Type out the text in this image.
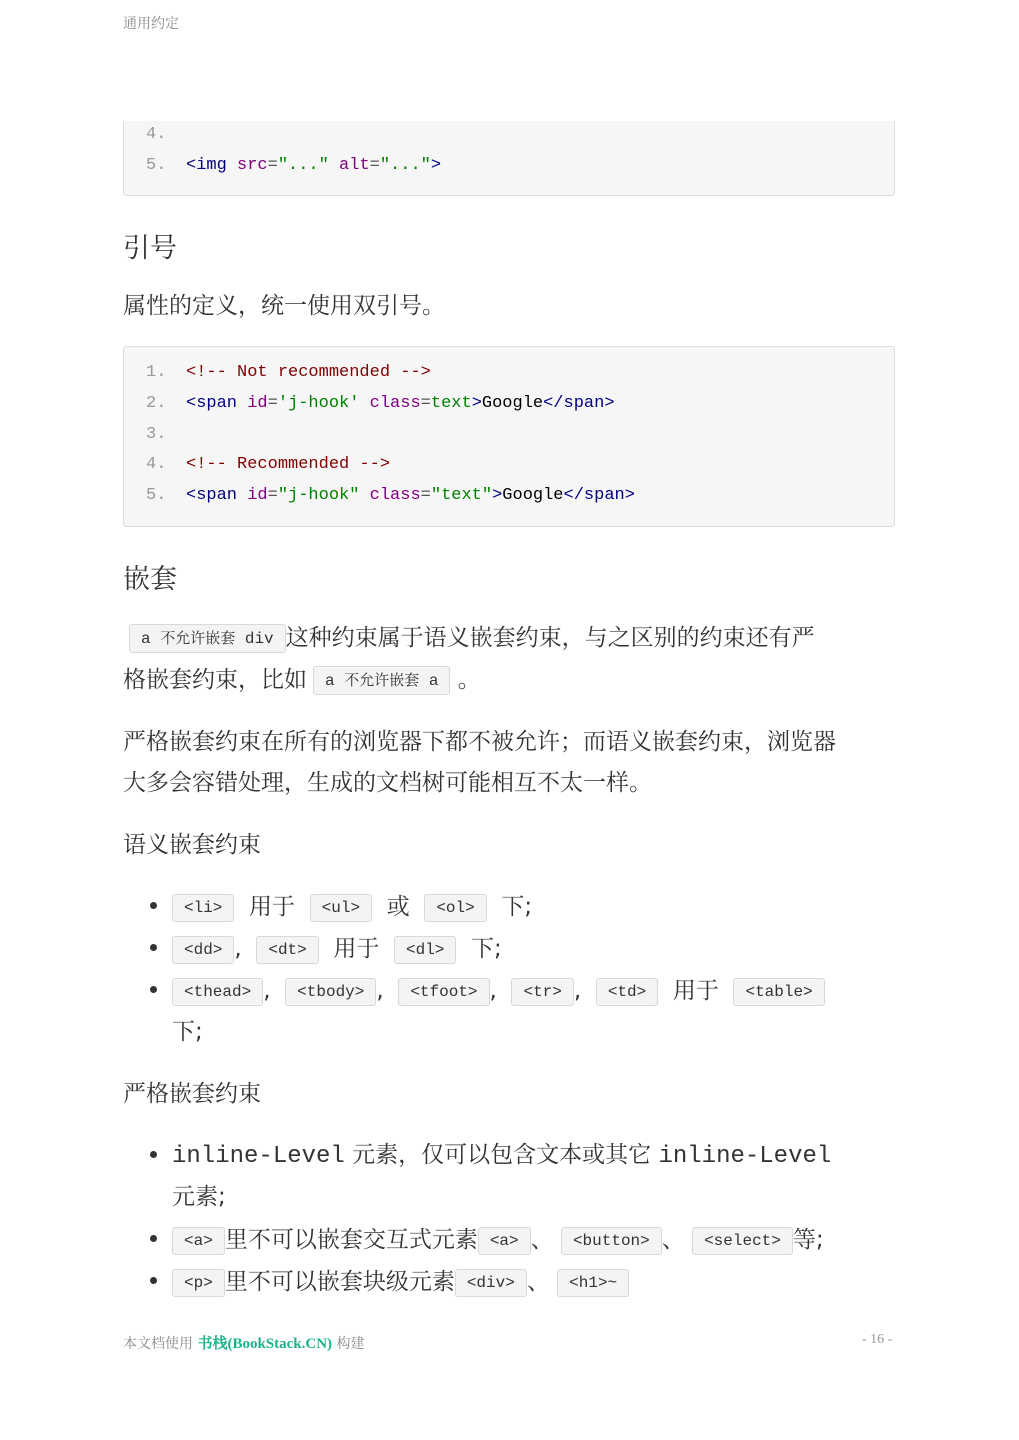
通用约定
4.
5. <img src="..." alt="...">
引号
属性的定义，统一使用双引号。
1. <!-- Not recommended -->
2. <span id='j-hook' class=text>Google</span>
3.
4. <!-- Recommended -->
5. <span id="j-hook" class="text">Google</span>
嵌套
a 不允许嵌套 div 这种约束属于语义嵌套约束，与之区别的约束还有严
格嵌套约束，比如 a 不允许嵌套 a 。
严格嵌套约束在所有的浏览器下都不被允许；而语义嵌套约束，浏览器
大多会容错处理，生成的文档树可能相互不太一样。
语义嵌套约束
<li> 用于 <ul> 或 <ol> 下;
<dd> , <dt> 用于 <dl> 下;
<thead> , <tbody> , <tfoot> , <tr> , <td> 用于 <table>
下;
严格嵌套约束
inline-Level 元素，仅可以包含文本或其它 inline-Level
元素;
<a> 里不可以嵌套交互式元素 <a> 、 <button> 、 <select> 等;
<p> 里不可以嵌套块级元素 <div> 、 <h1>~
本文档使用 书栈(BookStack.CN) 构建	- 16 -
